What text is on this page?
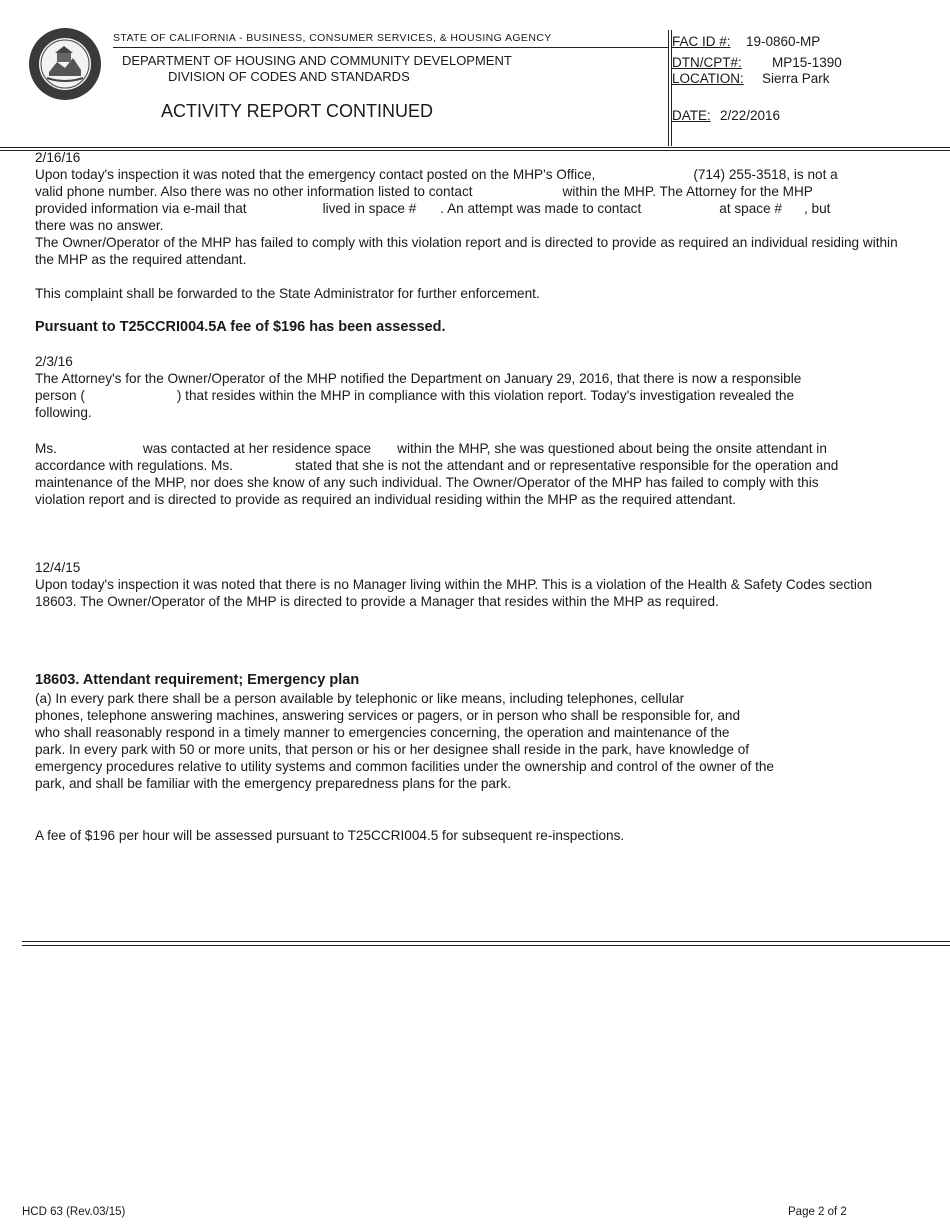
STATE OF CALIFORNIA - BUSINESS, CONSUMER SERVICES, & HOUSING AGENCY
DEPARTMENT OF HOUSING AND COMMUNITY DEVELOPMENT
DIVISION OF CODES AND STANDARDS
ACTIVITY REPORT CONTINUED
FAC ID #: 19-0860-MP
DTN/CPT#: MP15-1390
LOCATION: Sierra Park
DATE: 2/22/2016

2/16/16

Upon today's inspection it was noted that the emergency contact posted on the MHP's Office,	(714) 255-3518, is not a
valid phone number. Also there was no other information listed to contact	within the MHP. The Attorney for the MHP
provided information via e-mail that	lived in space # . An attempt was made to contact	at space # , but
there was no answer.

The Owner/Operator of the MHP has failed to comply with this violation report and is directed to provide as required an individual residing within the MHP as the required attendant.

This complaint shall be forwarded to the State Administrator for further enforcement.
Pursuant to T25CCRI004.5A fee of $196 has been assessed.

2/3/16

The Attorney's for the Owner/Operator of the MHP notified the Department on January 29, 2016, that there is now a responsible
person (	) that resides within the MHP in compliance with this violation report. Today's investigation revealed the
following.

Ms.	was contacted at her residence space within the MHP, she was questioned about being the onsite attendant in
accordance with regulations. Ms.	stated that she is not the attendant and or representative responsible for the operation and
maintenance of the MHP, nor does she know of any such individual. The Owner/Operator of the MHP has failed to comply with this
violation report and is directed to provide as required an individual residing within the MHP as the required attendant.

12/4/15

Upon today's inspection it was noted that there is no Manager living within the MHP. This is a violation of the Health & Safety Codes section 18603. The Owner/Operator of the MHP is directed to provide a Manager that resides within the MHP as required.

18603. Attendant requirement; Emergency plan
(a) In every park there shall be a person available by telephonic or like means, including telephones, cellular
phones, telephone answering machines, answering services or pagers, or in person who shall be responsible for, and
who shall reasonably respond in a timely manner to emergencies concerning, the operation and maintenance of the
park. In every park with 50 or more units, that person or his or her designee shall reside in the park, have knowledge of
emergency procedures relative to utility systems and common facilities under the ownership and control of the owner of the
park, and shall be familiar with the emergency preparedness plans for the park.
A fee of $196 per hour will be assessed pursuant to T25CCRI004.5 for subsequent re-inspections.
HCD 63 (Rev.03/15)	Page 2 of 2
